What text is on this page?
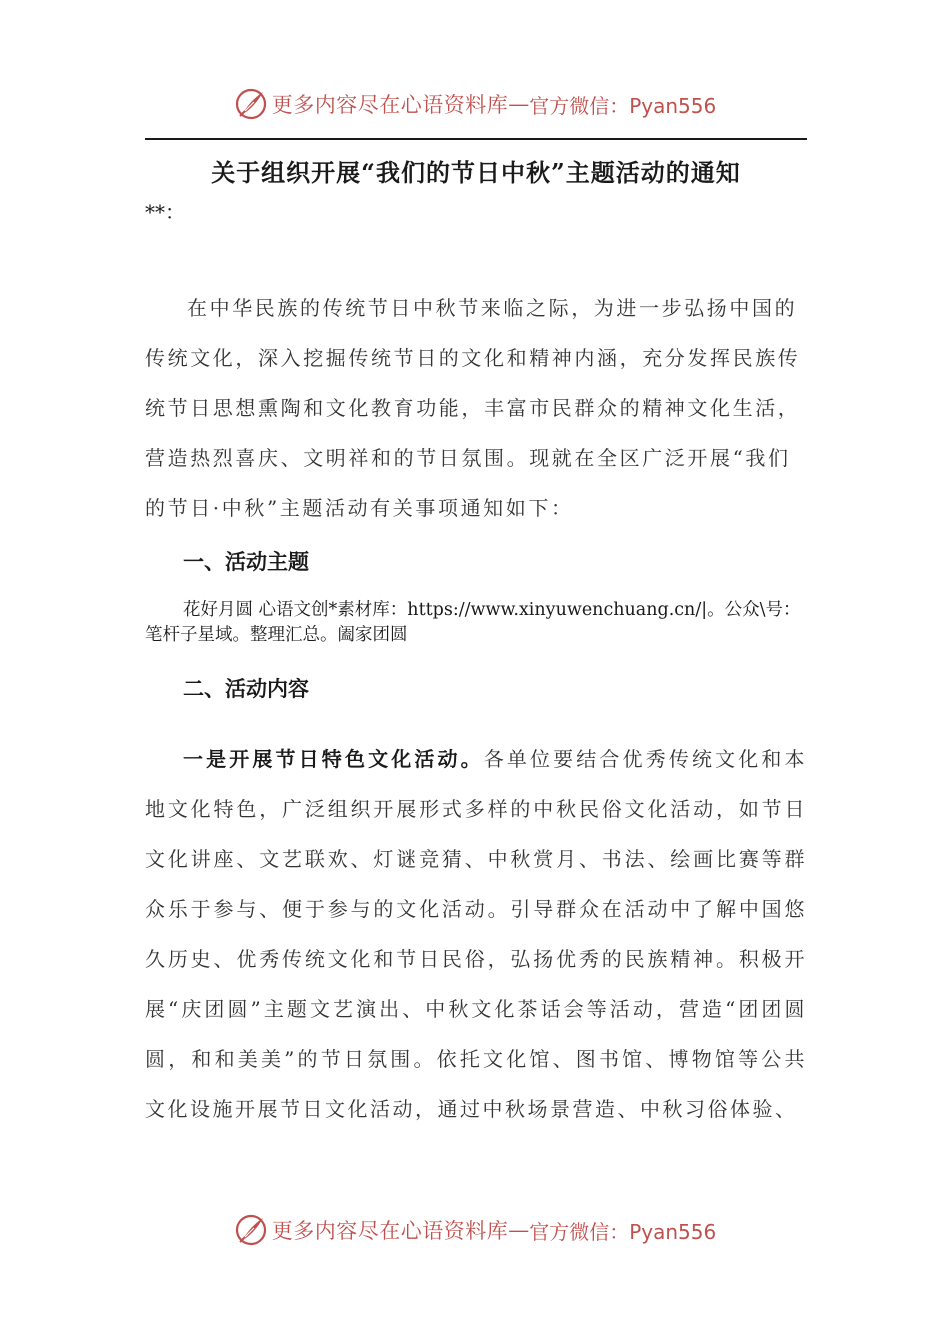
更多内容尽在心语资料库 — 官方微信：Pyan556
关于组织开展“我们的节日中秋”主题活动的通知
**：
在中华民族的传统节日中秋节来临之际，为进一步弘扬中国的传统文化，深入挖掘传统节日的文化和精神内涵，充分发挥民族传统节日思想熏陶和文化教育功能，丰富市民群众的精神文化生活，营造热烈喜庆、文明祥和的节日氛围。现就在全区广泛开展“我们的节日·中秋”主题活动有关事项通知如下：
一、活动主题
花好月圆 心语文创*素材库：https://www.xinyuwenchuang.cn/|。公众\号：笔杆子星域。整理汇总。阖家团圆
二、活动内容
一是开展节日特色文化活动。各单位要结合优秀传统文化和本地文化特色，广泛组织开展形式多样的中秋民俗文化活动，如节日文化讲座、文艺联欢、灯谜竞猜、中秋赏月、书法、绘画比赛等群众乐于参与、便于参与的文化活动。引导群众在活动中了解中国悠久历史、优秀传统文化和节日民俗，弘扬优秀的民族精神。积极开展“庆团圆”主题文艺演出、中秋文化茶话会等活动，营造“团团圆圆，和和美美”的节日氛围。依托文化馆、图书馆、博物馆等公共文化设施开展节日文化活动，通过中秋场景营造、中秋习俗体验、
更多内容尽在心语资料库 — 官方微信：Pyan556
